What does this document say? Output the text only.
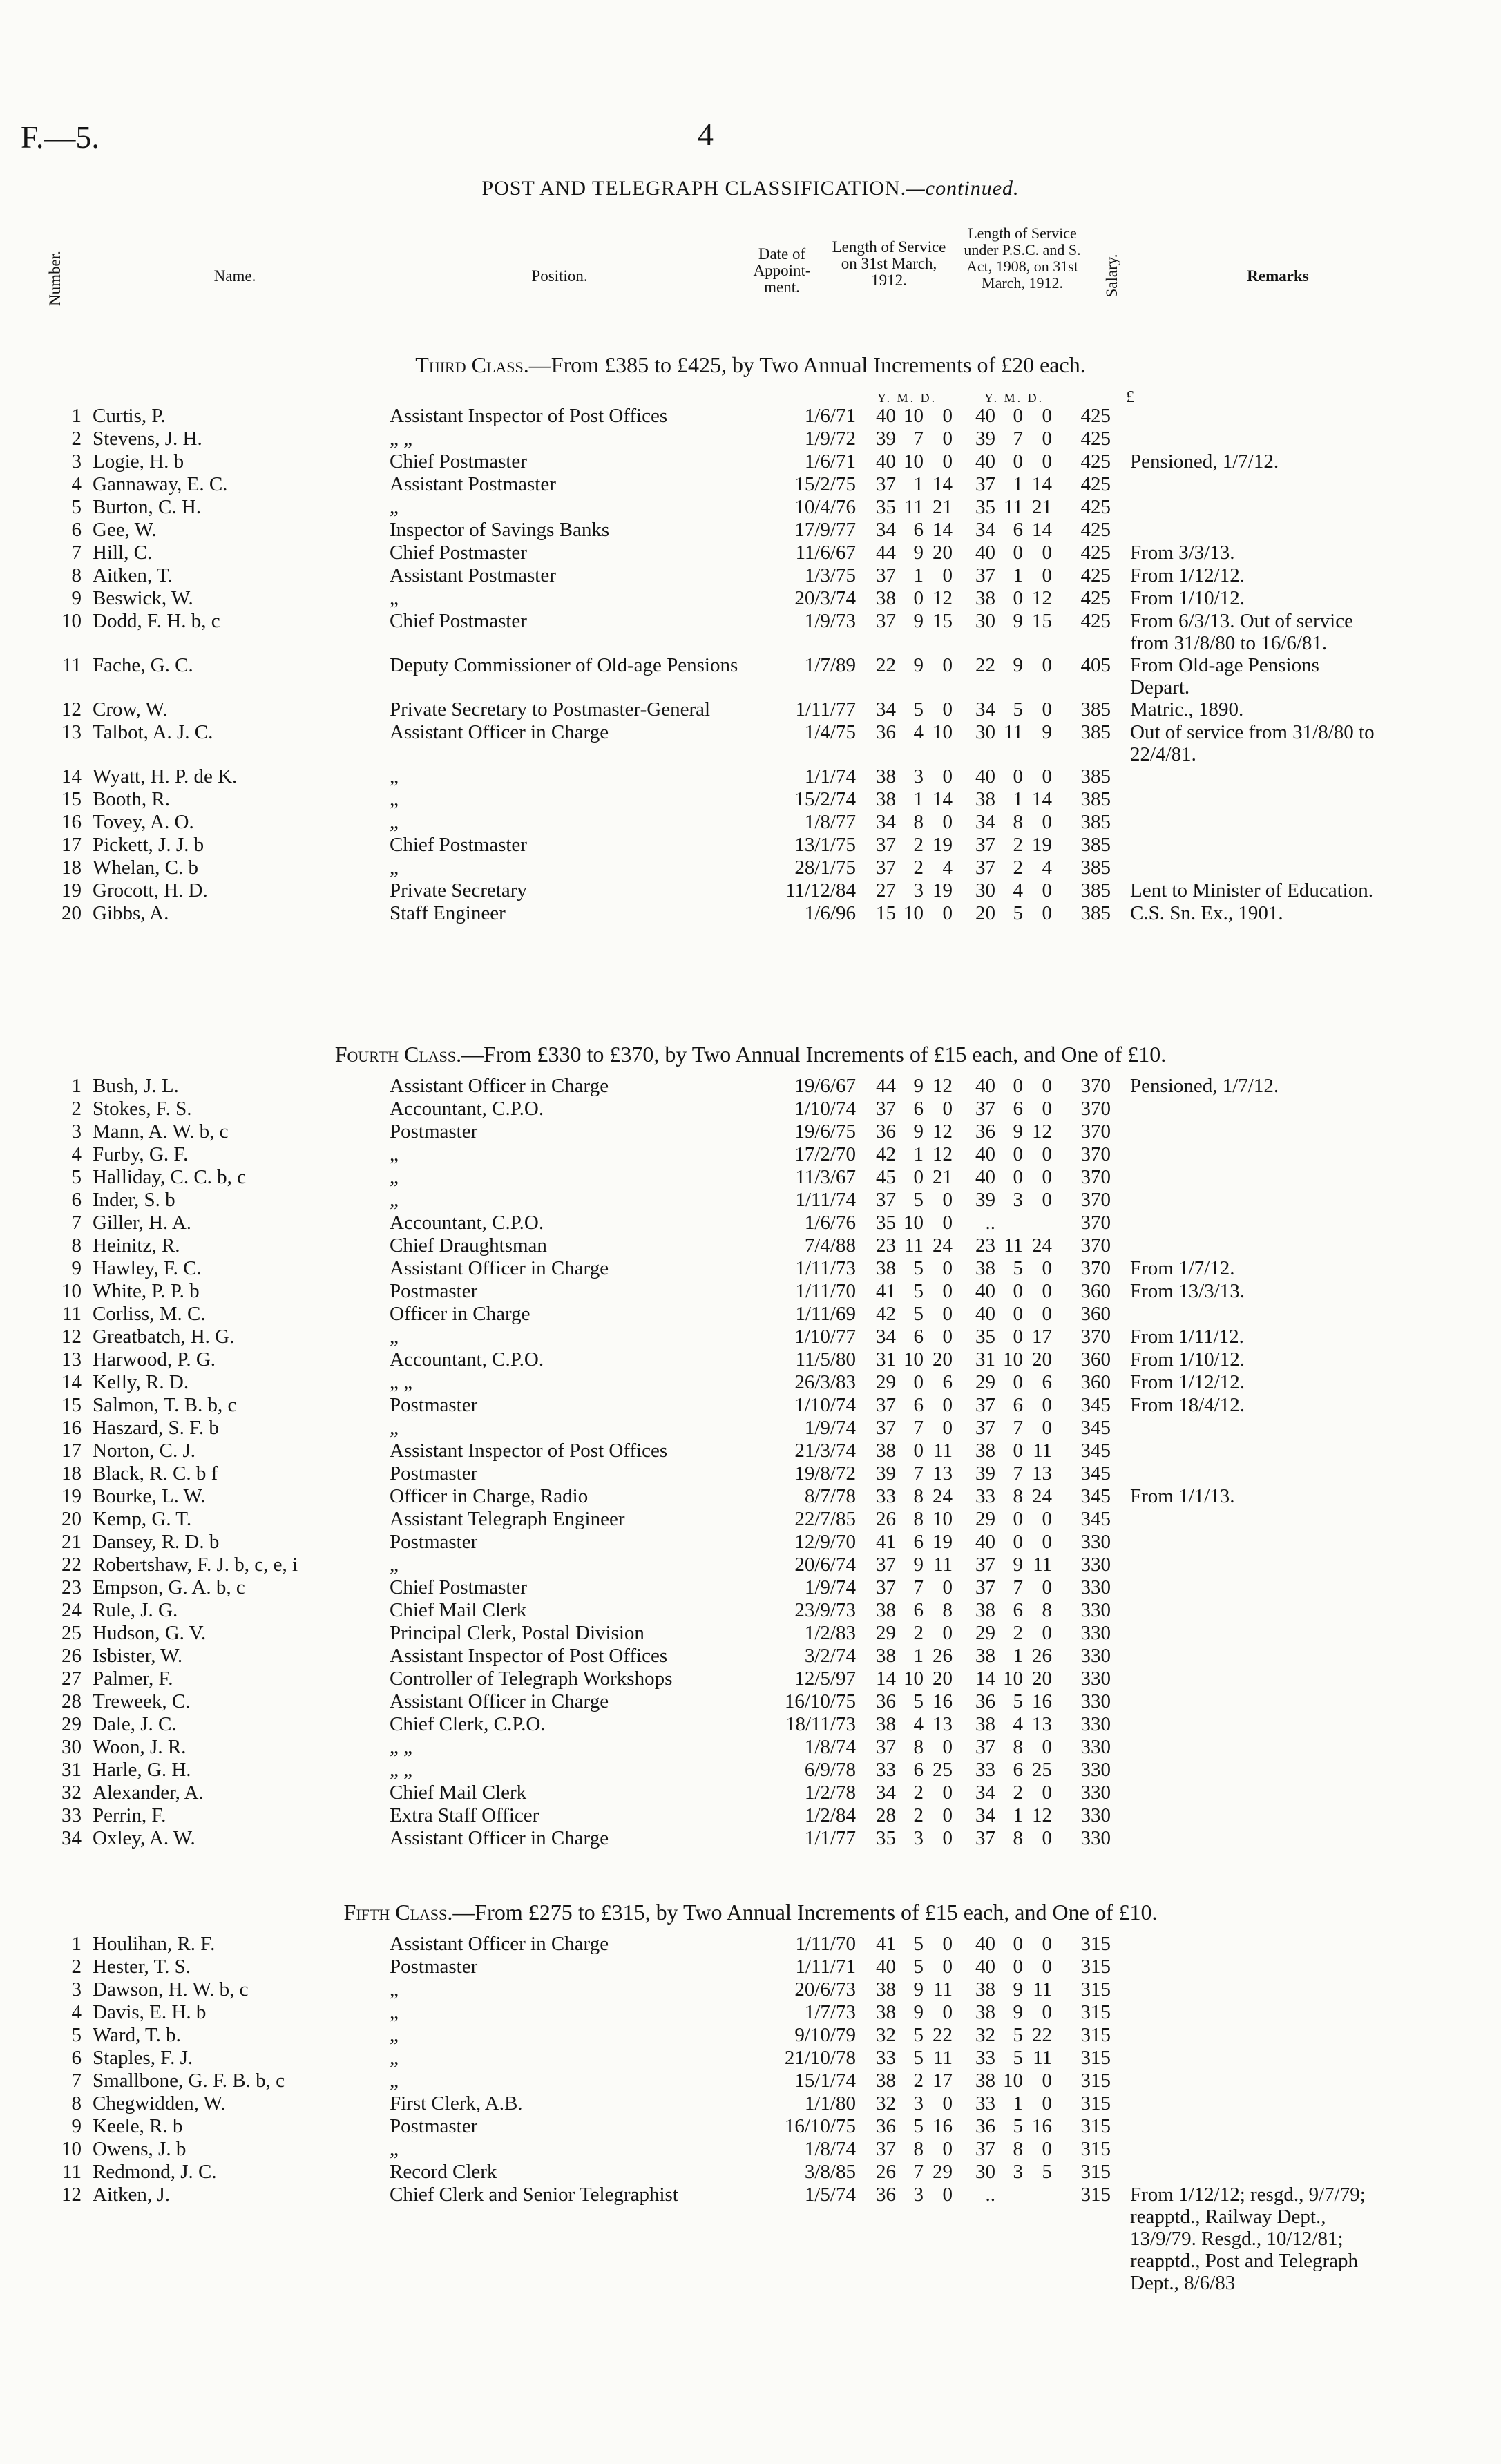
F.—5.	4
POST AND TELEGRAPH CLASSIFICATION.—continued.
Number.	Name.	Position.
Date of Appoint- ment.
Length of Service on 31st March, 1912.
Length of Service under P.S.C. and S. Act, 1908, on 31st March, 1912.	Salary.	Remarks
Third Class.—From £385 to £425, by Two Annual Increments of £20 each.
Y. M. D.	Y. M. D.	£
1	Curtis, P.	Assistant Inspector of Post Offices	1/6/71	40	10	0	40	0	0	425	
2	Stevens, J. H.	„ „	1/9/72	39	7	0	39	7	0	425	
3	Logie, H. b	Chief Postmaster	1/6/71	40	10	0	40	0	0	425	Pensioned, 1/7/12.
4	Gannaway, E. C.	Assistant Postmaster	15/2/75	37	1	14	37	1	14	425	
5	Burton, C. H.	„	10/4/76	35	11	21	35	11	21	425	
6	Gee, W.	Inspector of Savings Banks	17/9/77	34	6	14	34	6	14	425	
7	Hill, C.	Chief Postmaster	11/6/67	44	9	20	40	0	0	425	From 3/3/13.
8	Aitken, T.	Assistant Postmaster	1/3/75	37	1	0	37	1	0	425	From 1/12/12.
9	Beswick, W.	„	20/3/74	38	0	12	38	0	12	425	From 1/10/12.
10	Dodd, F. H. b, c	Chief Postmaster	1/9/73	37	9	15	30	9	15	425	From 6/3/13. Out of service from 31/8/80 to 16/6/81.
11	Fache, G. C.	Deputy Commissioner of Old-age Pensions	1/7/89	22	9	0	22	9	0	405	From Old-age Pensions Depart.
12	Crow, W.	Private Secretary to Postmaster-General	1/11/77	34	5	0	34	5	0	385	Matric., 1890.
13	Talbot, A. J. C.	Assistant Officer in Charge	1/4/75	36	4	10	30	11	9	385	Out of service from 31/8/80 to 22/4/81.
14	Wyatt, H. P. de K.	„	1/1/74	38	3	0	40	0	0	385	
15	Booth, R.	„	15/2/74	38	1	14	38	1	14	385	
16	Tovey, A. O.	„	1/8/77	34	8	0	34	8	0	385	
17	Pickett, J. J. b	Chief Postmaster	13/1/75	37	2	19	37	2	19	385	
18	Whelan, C. b	„	28/1/75	37	2	4	37	2	4	385	
19	Grocott, H. D.	Private Secretary	11/12/84	27	3	19	30	4	0	385	Lent to Minister of Education.
20	Gibbs, A.	Staff Engineer	1/6/96	15	10	0	20	5	0	385	C.S. Sn. Ex., 1901.
Fourth Class.—From £330 to £370, by Two Annual Increments of £15 each, and One of £10.
1	Bush, J. L.	Assistant Officer in Charge	19/6/67	44	9	12	40	0	0	370	Pensioned, 1/7/12.
2	Stokes, F. S.	Accountant, C.P.O.	1/10/74	37	6	0	37	6	0	370	
3	Mann, A. W. b, c	Postmaster	19/6/75	36	9	12	36	9	12	370	
4	Furby, G. F.	„	17/2/70	42	1	12	40	0	0	370	
5	Halliday, C. C. b, c	„	11/3/67	45	0	21	40	0	0	370	
6	Inder, S. b	„	1/11/74	37	5	0	39	3	0	370	
7	Giller, H. A.	Accountant, C.P.O.	1/6/76	35	10	0	..			370	
8	Heinitz, R.	Chief Draughtsman	7/4/88	23	11	24	23	11	24	370	
9	Hawley, F. C.	Assistant Officer in Charge	1/11/73	38	5	0	38	5	0	370	From 1/7/12.
10	White, P. P. b	Postmaster	1/11/70	41	5	0	40	0	0	360	From 13/3/13.
11	Corliss, M. C.	Officer in Charge	1/11/69	42	5	0	40	0	0	360	
12	Greatbatch, H. G.	„	1/10/77	34	6	0	35	0	17	370	From 1/11/12.
13	Harwood, P. G.	Accountant, C.P.O.	11/5/80	31	10	20	31	10	20	360	From 1/10/12.
14	Kelly, R. D.	„ „	26/3/83	29	0	6	29	0	6	360	From 1/12/12.
15	Salmon, T. B. b, c	Postmaster	1/10/74	37	6	0	37	6	0	345	From 18/4/12.
16	Haszard, S. F. b	„	1/9/74	37	7	0	37	7	0	345	
17	Norton, C. J.	Assistant Inspector of Post Offices	21/3/74	38	0	11	38	0	11	345	
18	Black, R. C. b f	Postmaster	19/8/72	39	7	13	39	7	13	345	
19	Bourke, L. W.	Officer in Charge, Radio	8/7/78	33	8	24	33	8	24	345	From 1/1/13.
20	Kemp, G. T.	Assistant Telegraph Engineer	22/7/85	26	8	10	29	0	0	345	
21	Dansey, R. D. b	Postmaster	12/9/70	41	6	19	40	0	0	330	
22	Robertshaw, F. J. b, c, e, i	„	20/6/74	37	9	11	37	9	11	330	
23	Empson, G. A. b, c	Chief Postmaster	1/9/74	37	7	0	37	7	0	330	
24	Rule, J. G.	Chief Mail Clerk	23/9/73	38	6	8	38	6	8	330	
25	Hudson, G. V.	Principal Clerk, Postal Division	1/2/83	29	2	0	29	2	0	330	
26	Isbister, W.	Assistant Inspector of Post Offices	3/2/74	38	1	26	38	1	26	330	
27	Palmer, F.	Controller of Telegraph Workshops	12/5/97	14	10	20	14	10	20	330	
28	Treweek, C.	Assistant Officer in Charge	16/10/75	36	5	16	36	5	16	330	
29	Dale, J. C.	Chief Clerk, C.P.O.	18/11/73	38	4	13	38	4	13	330	
30	Woon, J. R.	„ „	1/8/74	37	8	0	37	8	0	330	
31	Harle, G. H.	„ „	6/9/78	33	6	25	33	6	25	330	
32	Alexander, A.	Chief Mail Clerk	1/2/78	34	2	0	34	2	0	330	
33	Perrin, F.	Extra Staff Officer	1/2/84	28	2	0	34	1	12	330	
34	Oxley, A. W.	Assistant Officer in Charge	1/1/77	35	3	0	37	8	0	330	
Fifth Class.—From £275 to £315, by Two Annual Increments of £15 each, and One of £10.
1	Houlihan, R. F.	Assistant Officer in Charge	1/11/70	41	5	0	40	0	0	315	
2	Hester, T. S.	Postmaster	1/11/71	40	5	0	40	0	0	315	
3	Dawson, H. W. b, c	„	20/6/73	38	9	11	38	9	11	315	
4	Davis, E. H. b	„	1/7/73	38	9	0	38	9	0	315	
5	Ward, T. b.	„	9/10/79	32	5	22	32	5	22	315	
6	Staples, F. J.	„	21/10/78	33	5	11	33	5	11	315	
7	Smallbone, G. F. B. b, c	„	15/1/74	38	2	17	38	10	0	315	
8	Chegwidden, W.	First Clerk, A.B.	1/1/80	32	3	0	33	1	0	315	
9	Keele, R. b	Postmaster	16/10/75	36	5	16	36	5	16	315	
10	Owens, J. b	„	1/8/74	37	8	0	37	8	0	315	
11	Redmond, J. C.	Record Clerk	3/8/85	26	7	29	30	3	5	315	
12	Aitken, J.	Chief Clerk and Senior Telegraphist	1/5/74	36	3	0	..			315	From 1/12/12; resgd., 9/7/79; reapptd., Railway Dept., 13/9/79. Resgd., 10/12/81; reapptd., Post and Telegraph Dept., 8/6/83
